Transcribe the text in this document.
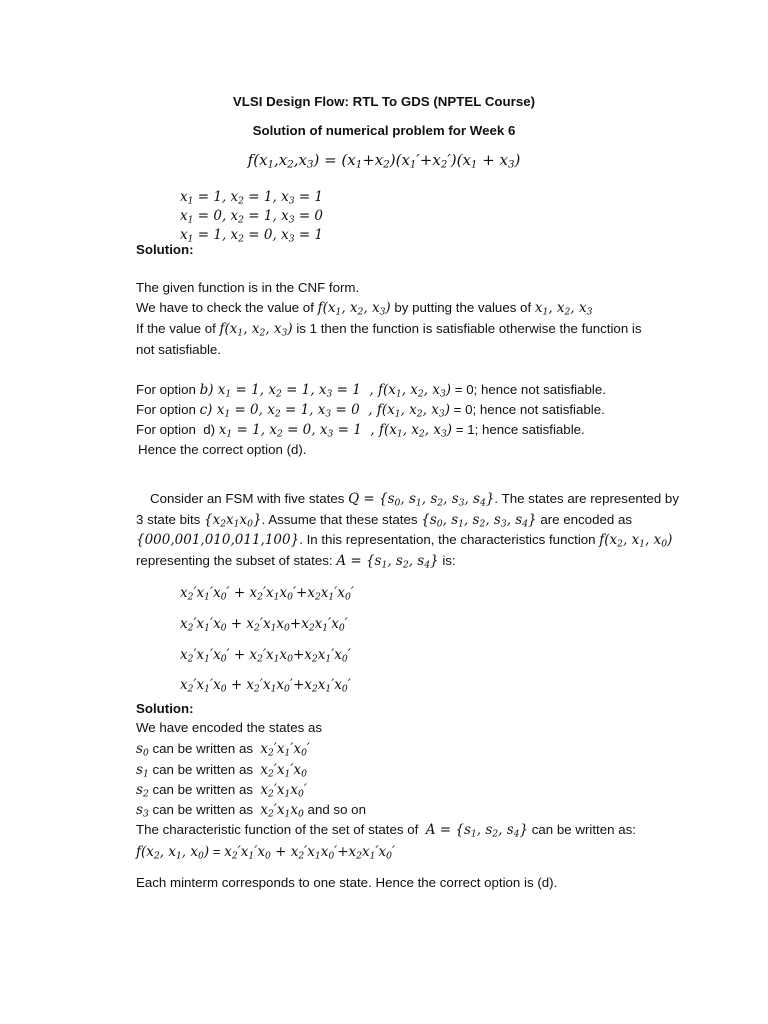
VLSI Design Flow: RTL To GDS (NPTEL Course)
Solution of numerical problem for Week 6
$f(x_1,x_2,x_3) = (x_1+x_2)(x_1'+x_2')(x_1 + x_3)$
$x_1 = 1$, $x_2 = 1$, $x_3 = 1$
$x_1 = 0$, $x_2 = 1$, $x_3 = 0$
$x_1 = 1$, $x_2 = 0$, $x_3 = 1$
Solution:
The given function is in the CNF form.
We have to check the value of $f(x_1$, $x_2$, $x_3$) by putting the values of $x_1$, $x_2$, $x_3$
If the value of $f(x_1$, $x_2$, $x_3$) is 1 then the function is satisfiable otherwise the function is
not satisfiable.
For option b) $x_1 = 1$, $x_2 = 1$, $x_3 = 1$  , $f(x_1$, $x_2$, $x_3) = 0$; hence not satisfiable.
For option c) $x_1 = 0$, $x_2 = 1$, $x_3 = 0$  , $f(x_1$, $x_2$, $x_3) = 0$; hence not satisfiable.
For option  d) $x_1 = 1$, $x_2 = 0$, $x_3 = 1$  , $f(x_1$, $x_2$, $x_3) = 1$; hence satisfiable.
Hence the correct option (d).
Consider an FSM with five states $Q = \{s_0$, $s_1$, $s_2$, $s_3$, $s_4$}. The states are represented by
3 state bits $\{x_2x_1x_0\}$. Assume that these states {$s_0$, $s_1$, $s_2$, $s_3$, $s_4$} are encoded as
{000,001,010,011,100}. In this representation, the characteristics function $f(x_2$, $x_1$, $x_0$)
representing the subset of states: $A = \{s_1$, $s_2$, $s_4$} is:
$x_2'x_1'x_0' + x_2'x_1x_0'+x_2x_1'x_0'$
$x_2'x_1'x_0 + x_2'x_1x_0+x_2x_1'x_0'$
$x_2'x_1'x_0' + x_2'x_1x_0+x_2x_1'x_0'$
$x_2'x_1'x_0 + x_2'x_1x_0'+x_2x_1'x_0'$
Solution:
We have encoded the states as
$s_0$ can be written as  $x_2'x_1'x_0'$
$s_1$ can be written as  $x_2'x_1'x_0$
$s_2$ can be written as  $x_2'x_1x_0'$
$s_3$ can be written as  $x_2'x_1x_0$ and so on
The characteristic function of the set of states of  $A = \{s_1$, $s_2$, $s_4$} can be written as:
$f(x_2$, $x_1$, $x_0) = x_2'x_1'x_0 + x_2'x_1x_0'+x_2x_1'x_0'$
Each minterm corresponds to one state. Hence the correct option is (d).
